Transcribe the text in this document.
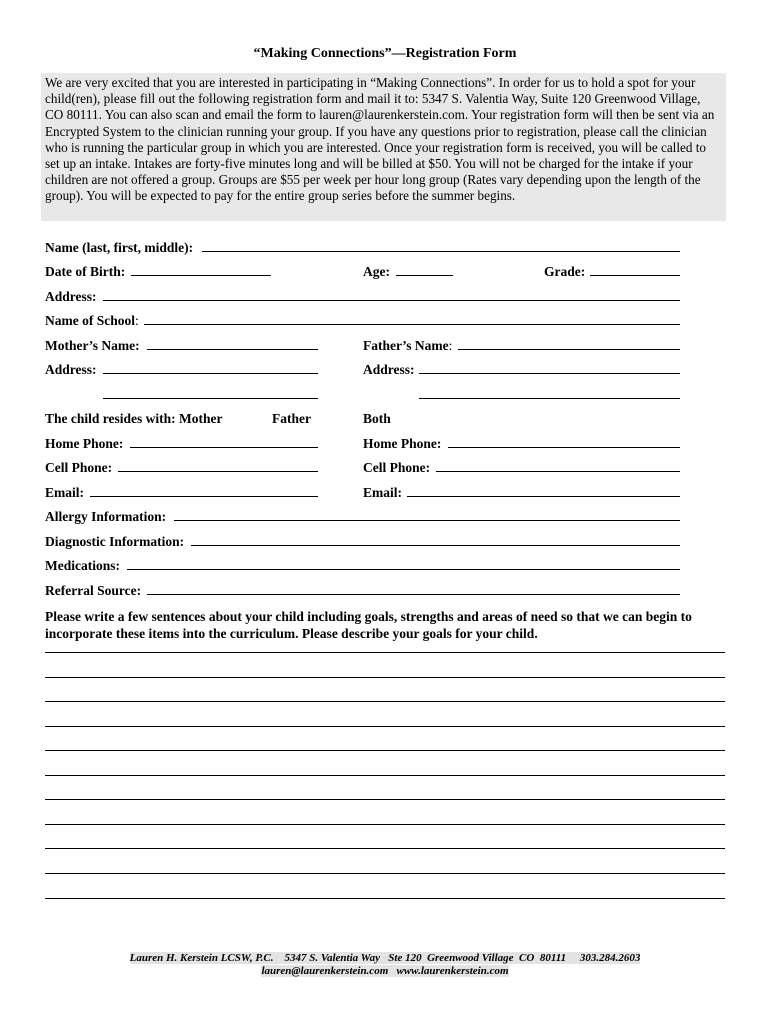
“Making Connections”—Registration Form
We are very excited that you are interested in participating in “Making Connections”. In order for us to hold a spot for your child(ren), please fill out the following registration form and mail it to: 5347 S. Valentia Way, Suite 120 Greenwood Village, CO 80111. You can also scan and email the form to lauren@laurenkerstein.com. Your registration form will then be sent via an Encrypted System to the clinician running your group. If you have any questions prior to registration, please call the clinician who is running the particular group in which you are interested. Once your registration form is received, you will be called to set up an intake. Intakes are forty-five minutes long and will be billed at $50. You will not be charged for the intake if your children are not offered a group. Groups are $55 per week per hour long group (Rates vary depending upon the length of the group). You will be expected to pay for the entire group series before the summer begins.
Name (last, first, middle):
Date of Birth:	Age:	Grade:
Address:
Name of School:
Mother’s Name:	Father’s Name:
Address:	Address:
The child resides with: Mother	Father	Both
Home Phone:	Home Phone:
Cell Phone:	Cell Phone:
Email:	Email:
Allergy Information:
Diagnostic Information:
Medications:
Referral Source:
Please write a few sentences about your child including goals, strengths and areas of need so that we can begin to incorporate these items into the curriculum. Please describe your goals for your child.
Lauren H. Kerstein LCSW, P.C.    5347 S. Valentia Way   Ste 120  Greenwood Village  CO  80111     303.284.2603
lauren@laurenkerstein.com   www.laurenkerstein.com
